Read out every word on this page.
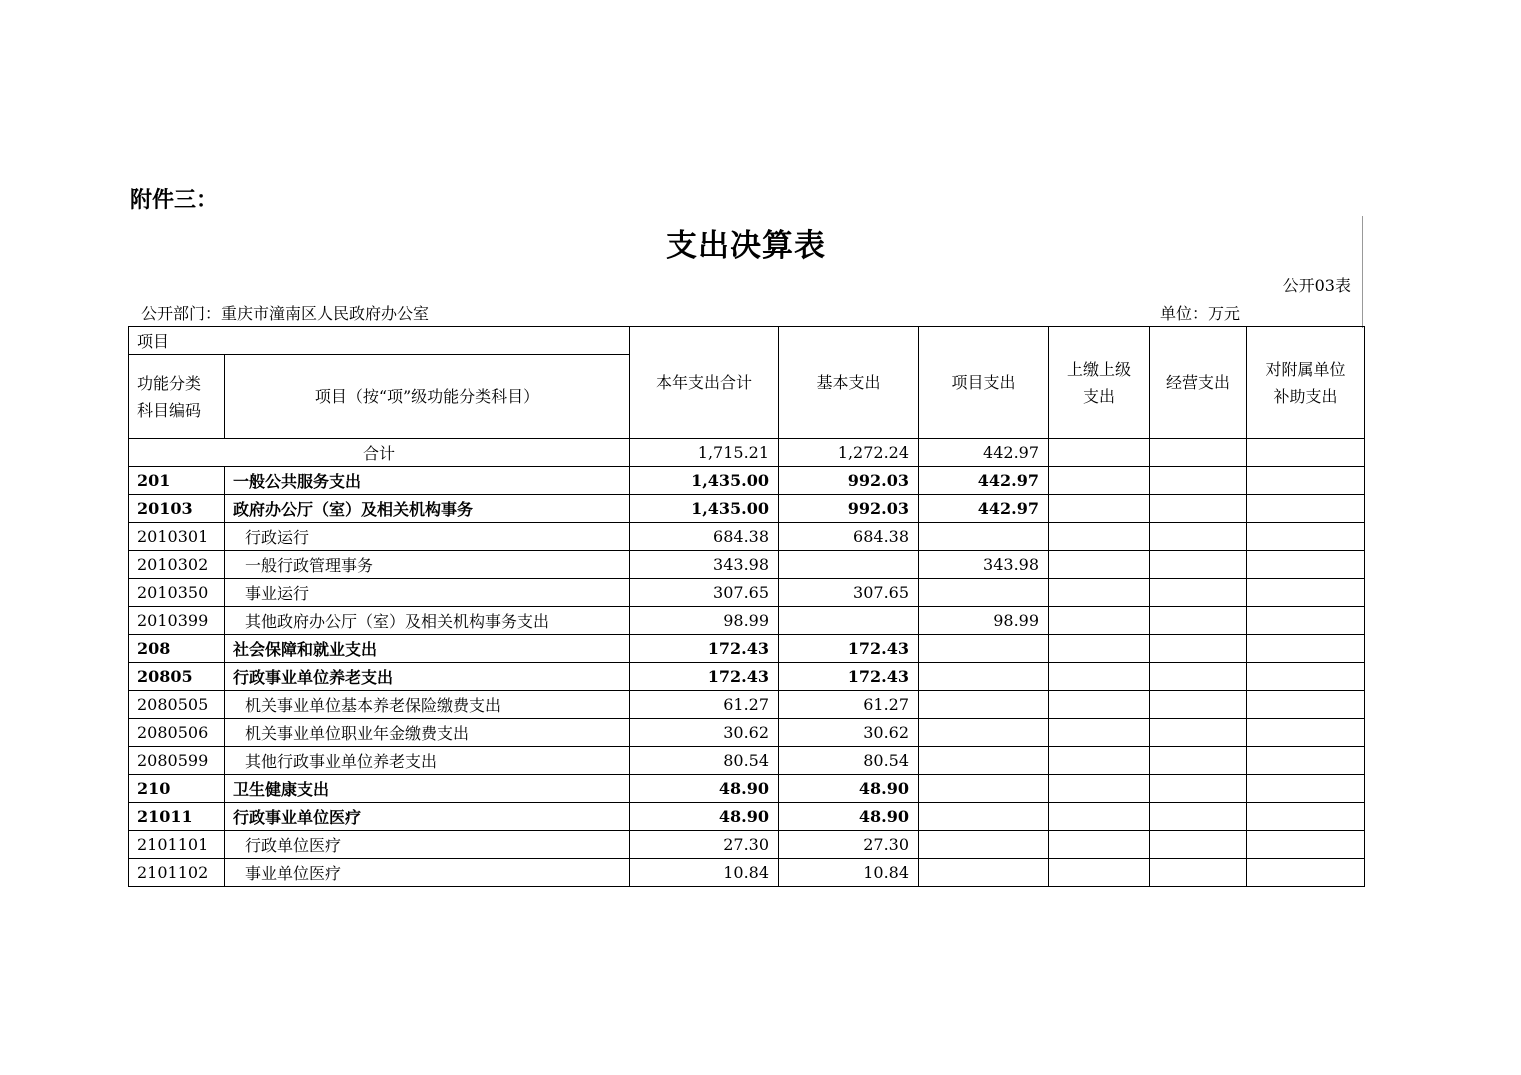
附件三：
支出决算表
公开03表
公开部门：重庆市潼南区人民政府办公室	单位：万元
项目		本年支出合计	基本支出	项目支出	上缴上级支出	经营支出	对附属单位补助支出

功能分类科目编码	项目（按“项”级功能分类科目）						
合计		1,715.21	1,272.24	442.97			
201	一般公共服务支出	1,435.00	992.03	442.97			
20103	政府办公厅（室）及相关机构事务	1,435.00	992.03	442.97			
2010301	行政运行	684.38	684.38				
2010302	一般行政管理事务	343.98		343.98			
2010350	事业运行	307.65	307.65				
2010399	其他政府办公厅（室）及相关机构事务支出	98.99		98.99			
208	社会保障和就业支出	172.43	172.43				
20805	行政事业单位养老支出	172.43	172.43				
2080505	机关事业单位基本养老保险缴费支出	61.27	61.27				
2080506	机关事业单位职业年金缴费支出	30.62	30.62				
2080599	其他行政事业单位养老支出	80.54	80.54				
210	卫生健康支出	48.90	48.90				
21011	行政事业单位医疗	48.90	48.90				
2101101	行政单位医疗	27.30	27.30				
2101102	事业单位医疗	10.84	10.84				
